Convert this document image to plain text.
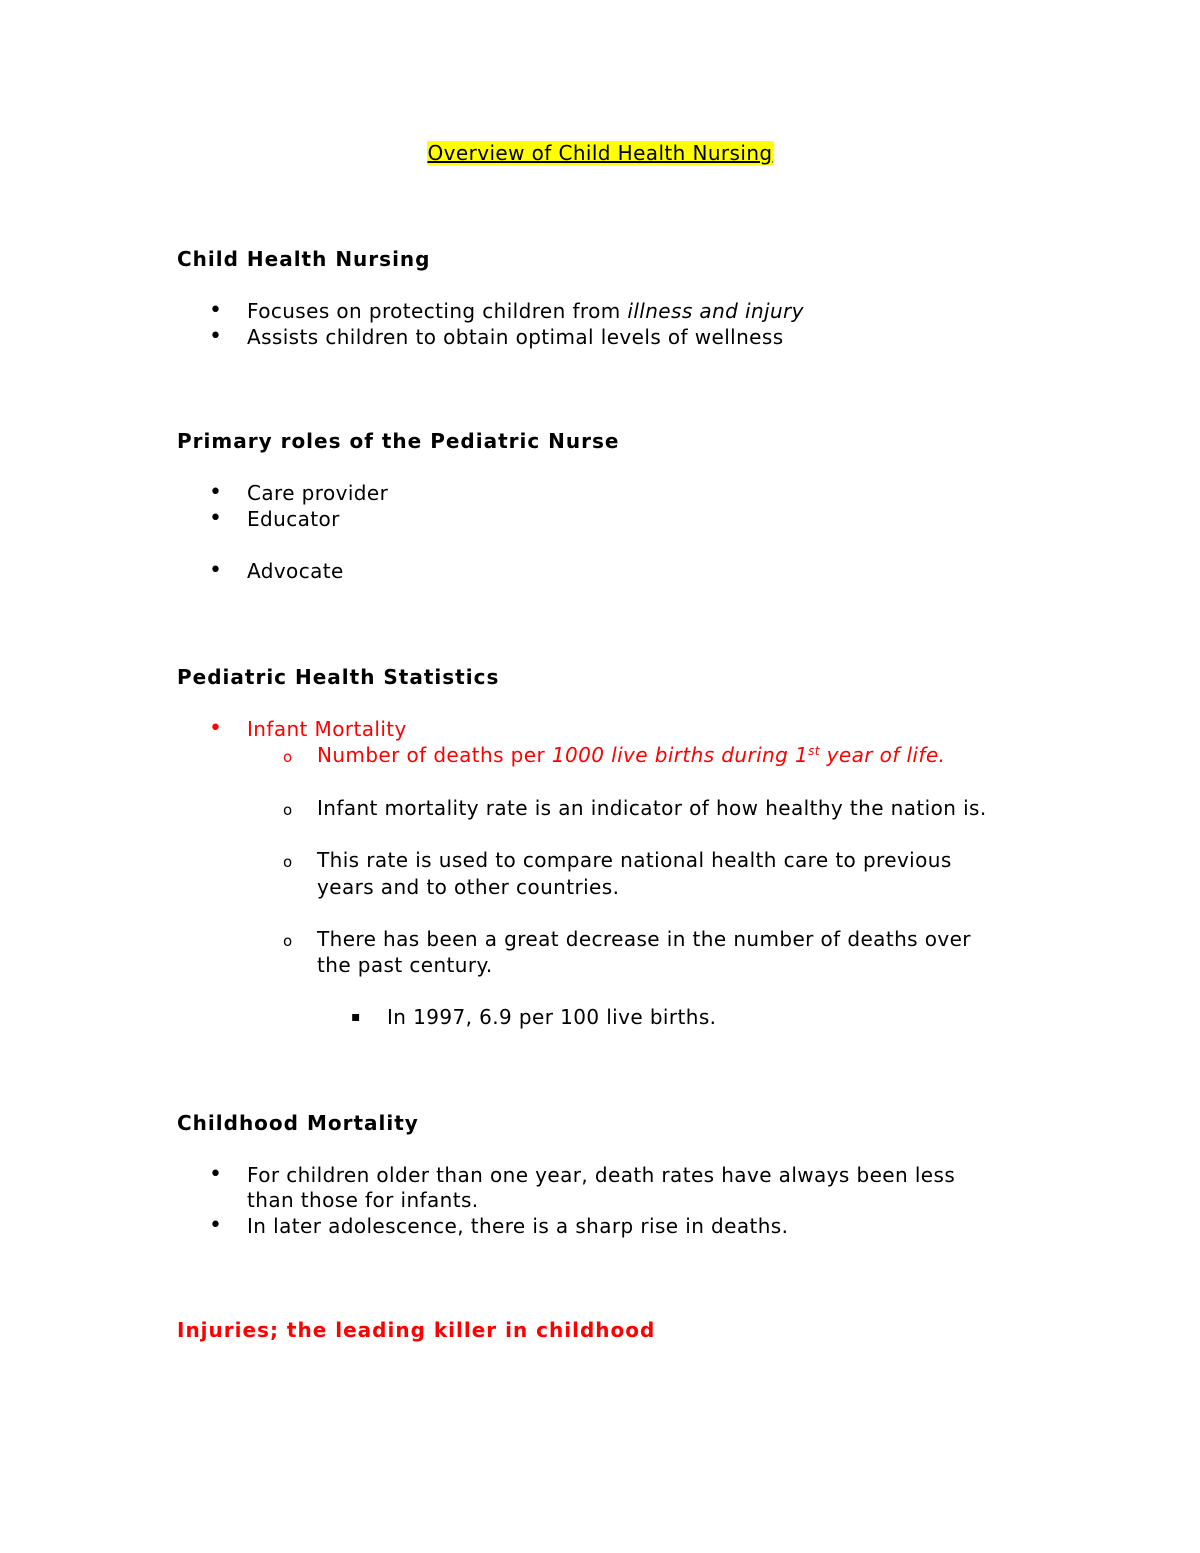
Overview of Child Health Nursing
Child Health Nursing
• Focuses on protecting children from illness and injury
• Assists children to obtain optimal levels of wellness
Primary roles of the Pediatric Nurse
• Care provider
• Educator
• Advocate
Pediatric Health Statistics
• Infant Mortality
o Number of deaths per 1000 live births during 1st year of life.
o Infant mortality rate is an indicator of how healthy the nation is.
o This rate is used to compare national health care to previous
years and to other countries.
o There has been a great decrease in the number of deaths over
the past century.
▪ In 1997, 6.9 per 100 live births.
Childhood Mortality
• For children older than one year, death rates have always been less
than those for infants.
• In later adolescence, there is a sharp rise in deaths.
Injuries; the leading killer in childhood
